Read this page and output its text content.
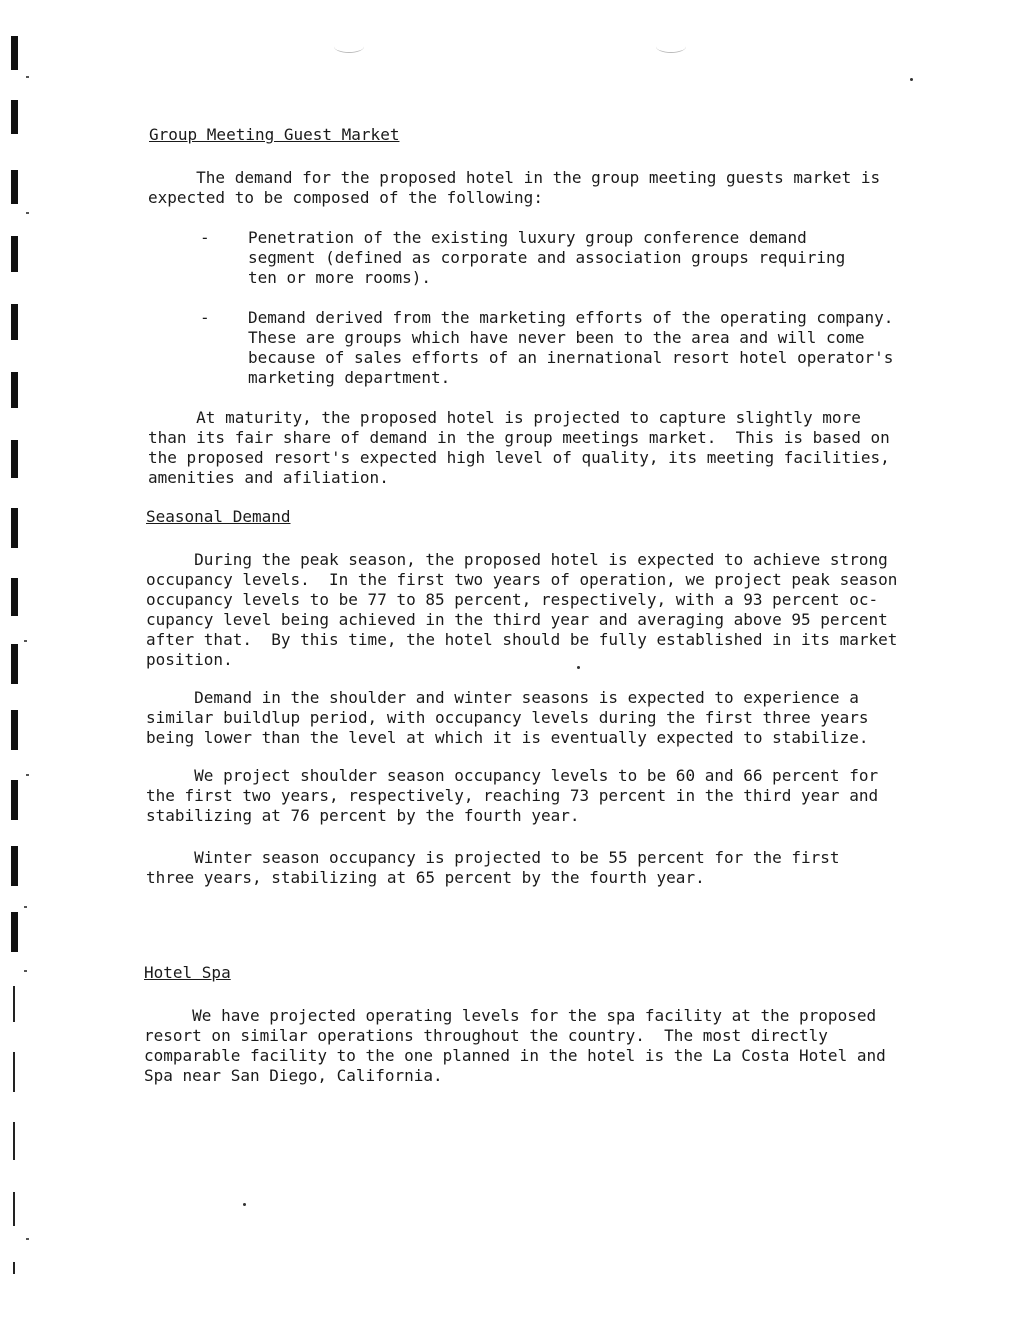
Group Meeting Guest Market
The demand for the proposed hotel in the group meeting guests market is
expected to be composed of the following:
- Penetration of the existing luxury group conference demand
segment (defined as corporate and association groups requiring
ten or more rooms).
- Demand derived from the marketing efforts of the operating company.
These are groups which have never been to the area and will come
because of sales efforts of an inernational resort hotel operator's
marketing department.
At maturity, the proposed hotel is projected to capture slightly more
than its fair share of demand in the group meetings market.  This is based on
the proposed resort's expected high level of quality, its meeting facilities,
amenities and afiliation.
Seasonal Demand
During the peak season, the proposed hotel is expected to achieve strong
occupancy levels.  In the first two years of operation, we project peak season
occupancy levels to be 77 to 85 percent, respectively, with a 93 percent oc-
cupancy level being achieved in the third year and averaging above 95 percent
after that.  By this time, the hotel should be fully established in its market
position.
Demand in the shoulder and winter seasons is expected to experience a
similar buildlup period, with occupancy levels during the first three years
being lower than the level at which it is eventually expected to stabilize.
We project shoulder season occupancy levels to be 60 and 66 percent for
the first two years, respectively, reaching 73 percent in the third year and
stabilizing at 76 percent by the fourth year.
Winter season occupancy is projected to be 55 percent for the first
three years, stabilizing at 65 percent by the fourth year.
Hotel Spa
We have projected operating levels for the spa facility at the proposed
resort on similar operations throughout the country.  The most directly
comparable facility to the one planned in the hotel is the La Costa Hotel and
Spa near San Diego, California.
